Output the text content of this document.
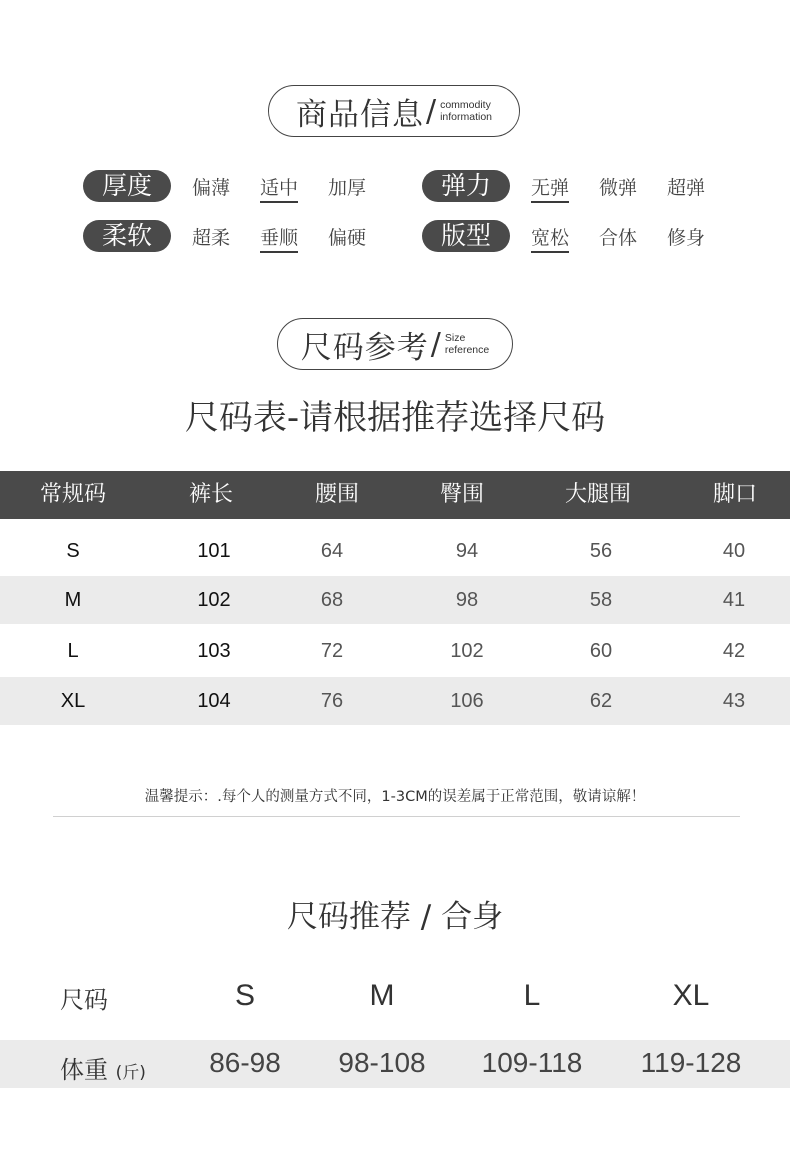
商品信息 / commodity
information
厚度	偏薄 适中 加厚	弹力	无弹 微弹 超弹
柔软	超柔 垂顺 偏硬	版型	宽松 合体 修身
尺码参考 / Size
reference
尺码表-请根据推荐选择尺码
常规码	裤长	腰围	臀围	大腿围	脚口
S	101	64	94	56	40
M	102	68	98	58	41
L	103	72	102	60	42
XL	104	76	106	62	43
温馨提示：.每个人的测量方式不同，1-3CM的误差属于正常范围，敬请谅解！
尺码推荐 / 合身
尺码	S	M	L	XL
体重 (斤)	86-98	98-108	109-118	119-128
